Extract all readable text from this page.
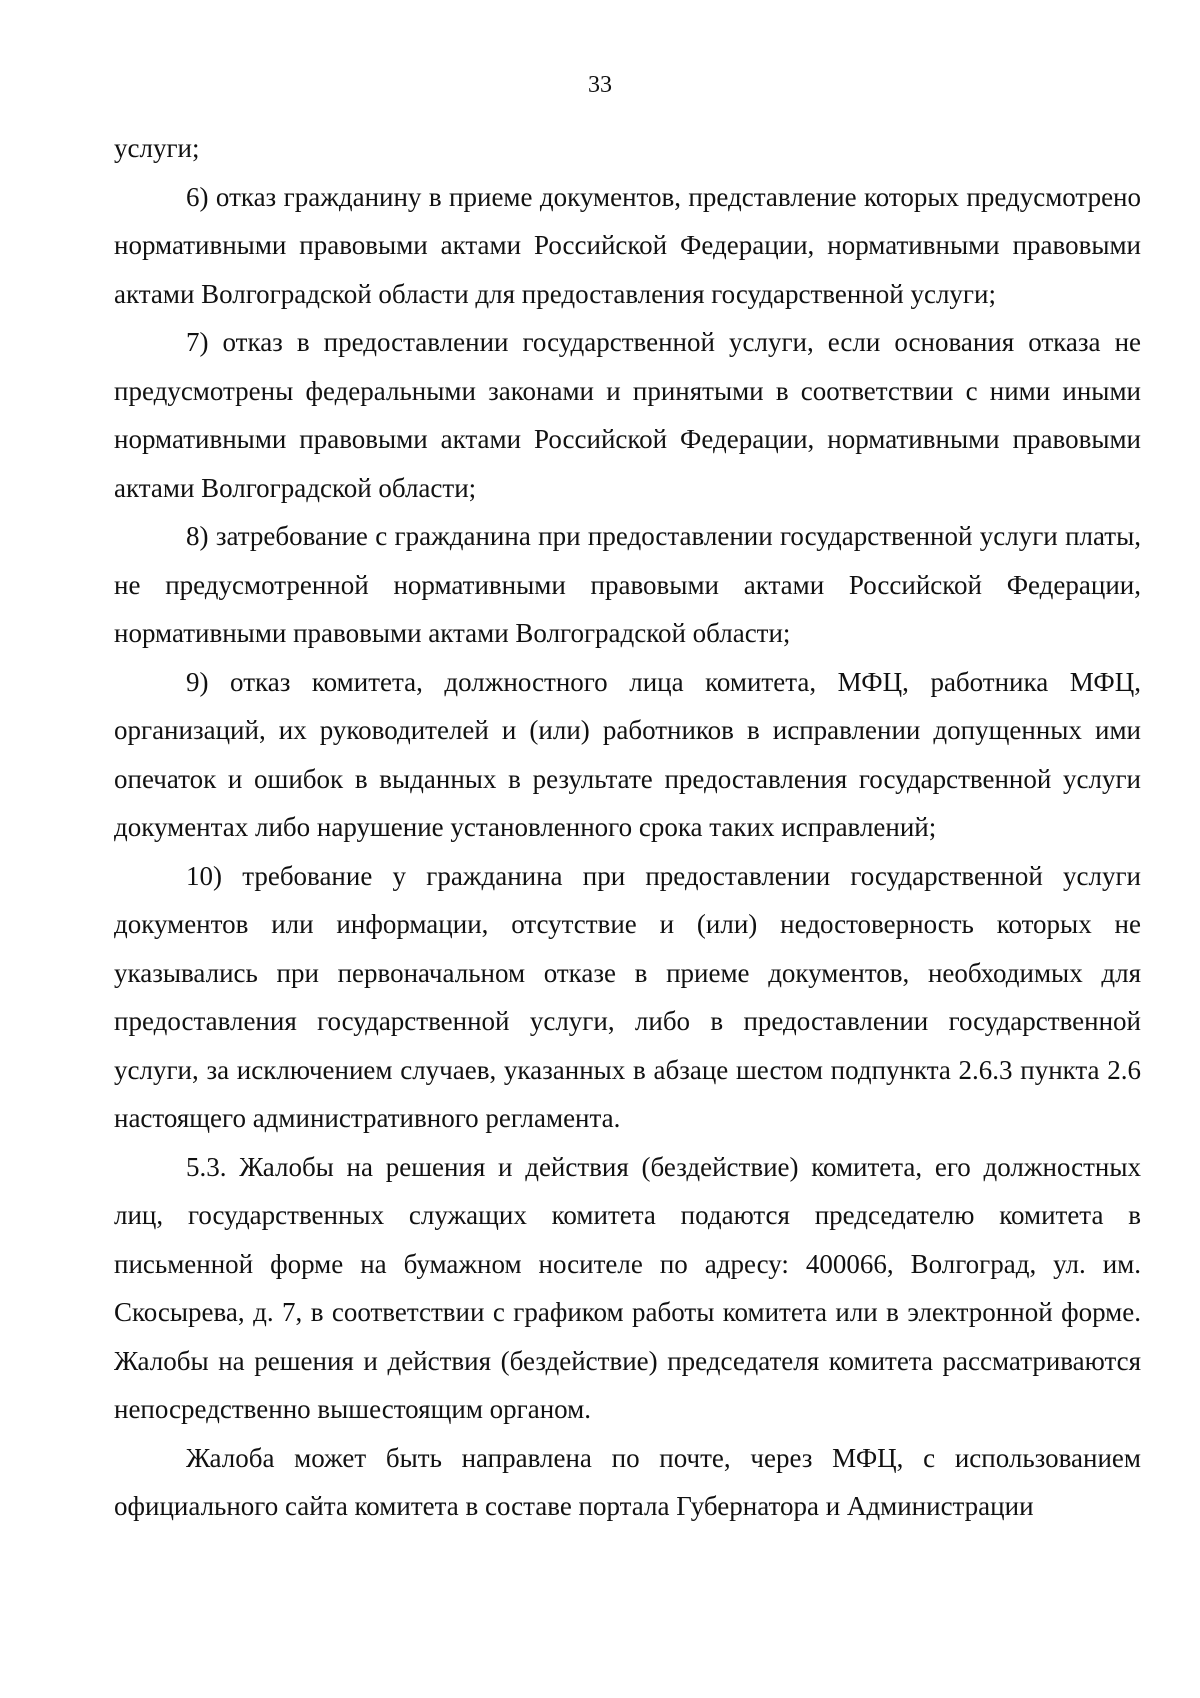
33

услуги;

6) отказ гражданину в приеме документов, представление которых предусмотрено нормативными правовыми актами Российской Федерации, нормативными правовыми актами Волгоградской области для предоставления государственной услуги;

7) отказ в предоставлении государственной услуги, если основания отказа не предусмотрены федеральными законами и принятыми в соответствии с ними иными нормативными правовыми актами Российской Федерации, нормативными правовыми актами Волгоградской области;

8) затребование с гражданина при предоставлении государственной услуги платы, не предусмотренной нормативными правовыми актами Российской Федерации, нормативными правовыми актами Волгоградской области;

9) отказ комитета, должностного лица комитета, МФЦ, работника МФЦ, организаций, их руководителей и (или) работников в исправлении допущенных ими опечаток и ошибок в выданных в результате предоставления государственной услуги документах либо нарушение установленного срока таких исправлений;

10) требование у гражданина при предоставлении государственной услуги документов или информации, отсутствие и (или) недостоверность которых не указывались при первоначальном отказе в приеме документов, необходимых для предоставления государственной услуги, либо в предоставлении государственной услуги, за исключением случаев, указанных в абзаце шестом подпункта 2.6.3 пункта 2.6 настоящего административного регламента.

5.3. Жалобы на решения и действия (бездействие) комитета, его должностных лиц, государственных служащих комитета подаются председателю комитета в письменной форме на бумажном носителе по адресу: 400066, Волгоград, ул. им. Скосырева, д. 7, в соответствии с графиком работы комитета или в электронной форме. Жалобы на решения и действия (бездействие) председателя комитета рассматриваются непосредственно вышестоящим органом.

Жалоба может быть направлена по почте, через МФЦ, с использованием официального сайта комитета в составе портала Губернатора и Администрации
